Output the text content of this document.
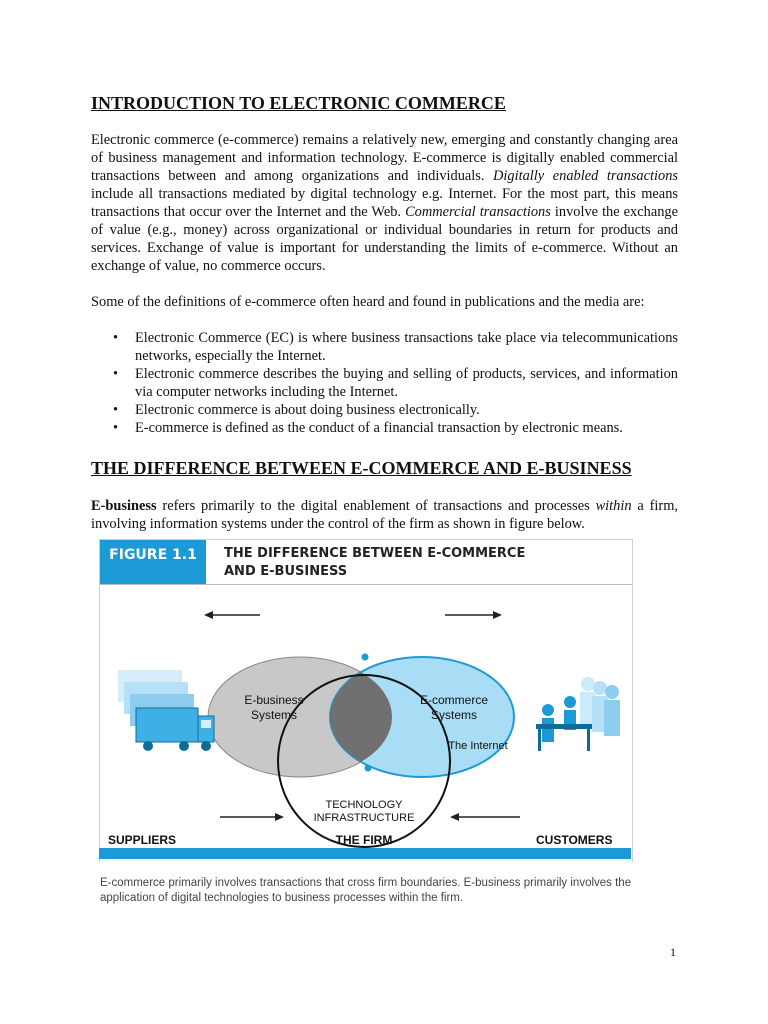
INTRODUCTION TO ELECTRONIC COMMERCE

Electronic commerce (e-commerce) remains a relatively new, emerging and constantly changing area of business management and information technology. E-commerce is digitally enabled commercial transactions between and among organizations and individuals. Digitally enabled transactions include all transactions mediated by digital technology e.g. Internet. For the most part, this means transactions that occur over the Internet and the Web. Commercial transactions involve the exchange of value (e.g., money) across organizational or individual boundaries in return for products and services. Exchange of value is important for understanding the limits of e-commerce. Without an exchange of value, no commerce occurs.

Some of the definitions of e-commerce often heard and found in publications and the media are:

• Electronic Commerce (EC) is where business transactions take place via telecommunications networks, especially the Internet.
• Electronic commerce describes the buying and selling of products, services, and information via computer networks including the Internet.
• Electronic commerce is about doing business electronically.
• E-commerce is defined as the conduct of a financial transaction by electronic means.
THE DIFFERENCE BETWEEN E-COMMERCE AND E-BUSINESS

E-business refers primarily to the digital enablement of transactions and processes within a firm, involving information systems under the control of the firm as shown in figure below.

FIGURE 1.1	THE DIFFERENCE BETWEEN E-COMMERCE
AND E-BUSINESS
E-business
Systems
E-commerce
Systems
The Internet
TECHNOLOGY
INFRASTRUCTURE
THE FIRM
SUPPLIERS	CUSTOMERS
E-commerce primarily involves transactions that cross firm boundaries. E-business primarily involves the application of digital technologies to business processes within the firm.
1
